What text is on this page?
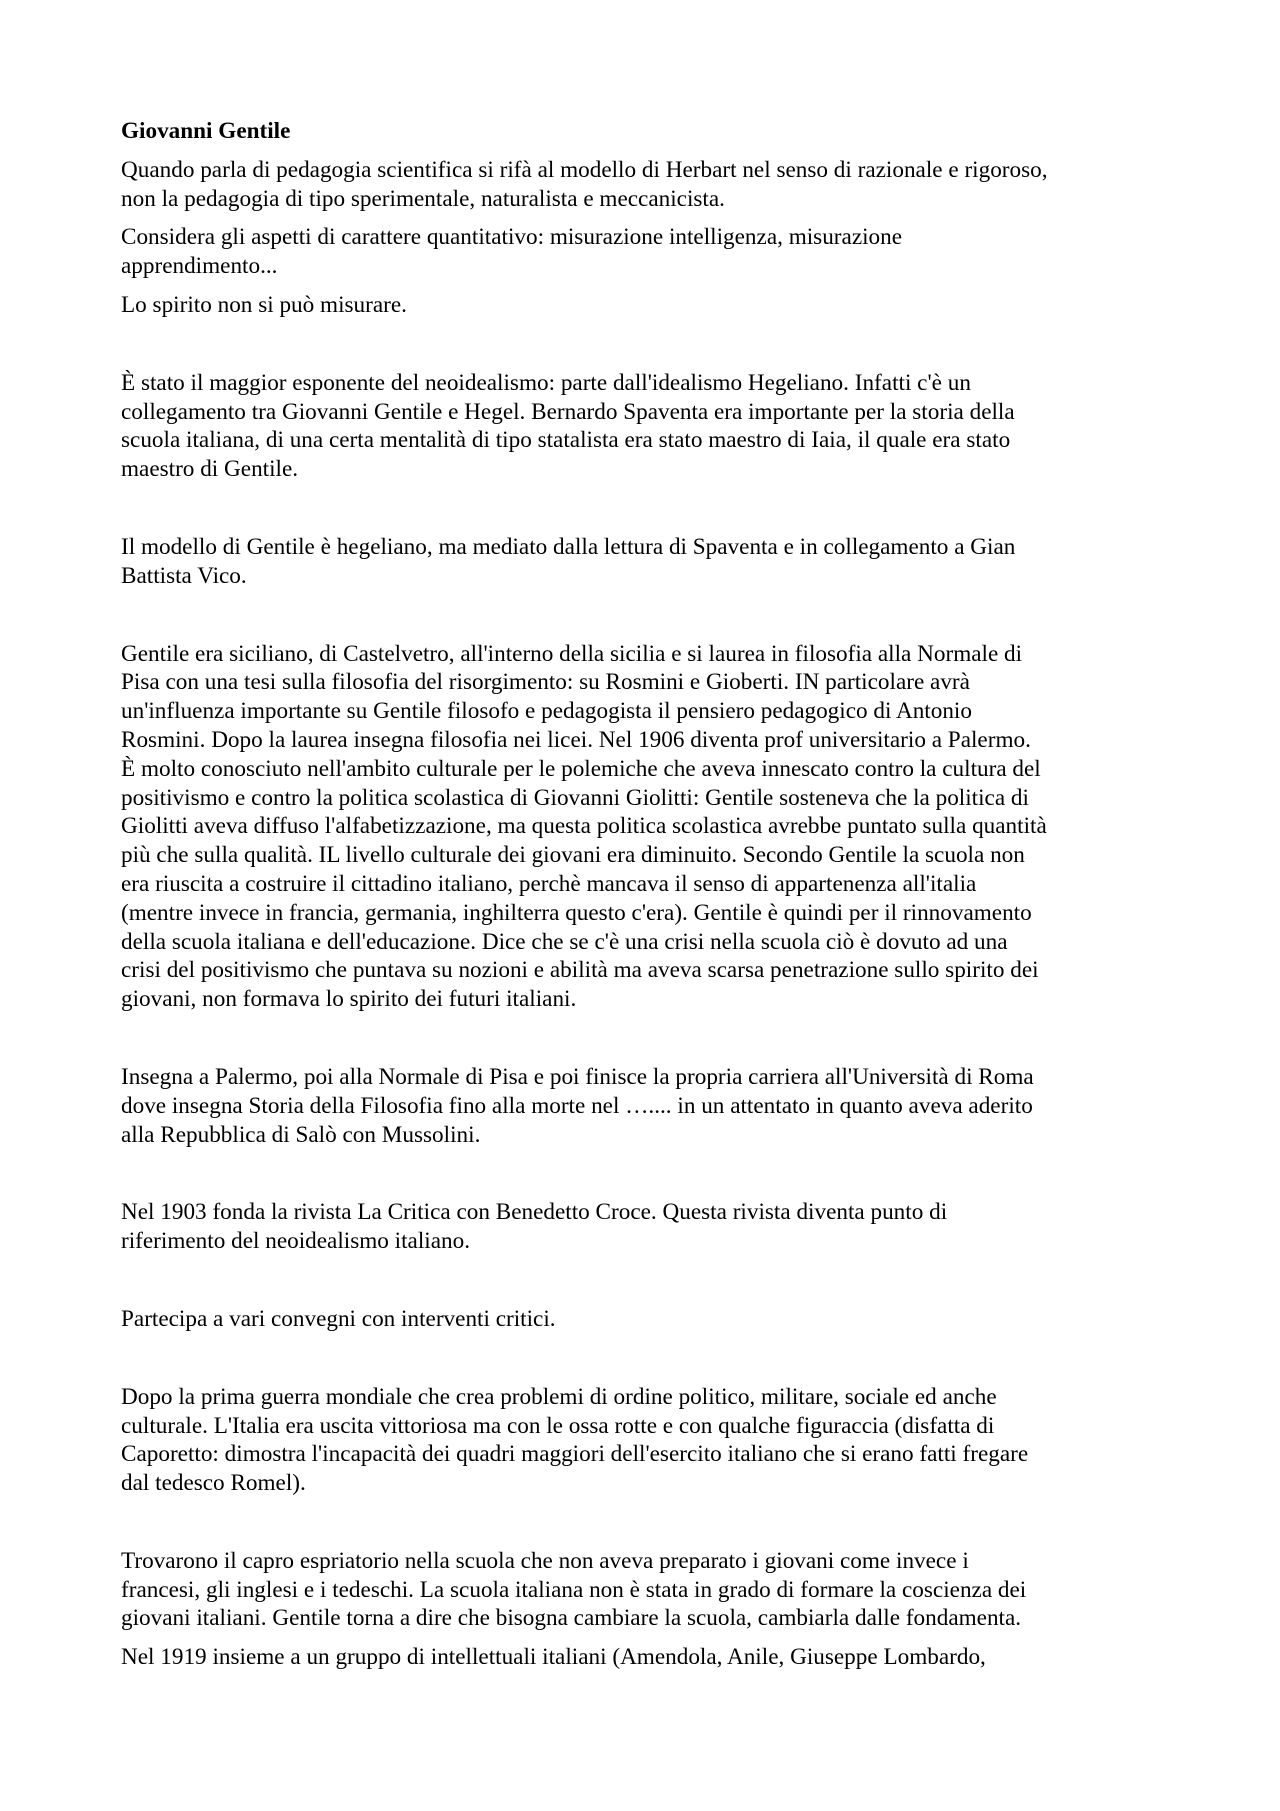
Giovanni Gentile

Quando parla di pedagogia scientifica si rifà al modello di Herbart nel senso di razionale e rigoroso,
non la pedagogia di tipo sperimentale, naturalista e meccanicista.

Considera gli aspetti di carattere quantitativo: misurazione intelligenza, misurazione
apprendimento...

Lo spirito non si può misurare.

È stato il maggior esponente del neoidealismo: parte dall'idealismo Hegeliano. Infatti c'è un
collegamento tra Giovanni Gentile e Hegel. Bernardo Spaventa era importante per la storia della
scuola italiana, di una certa mentalità di tipo statalista era stato maestro di Iaia, il quale era stato
maestro di Gentile.

Il modello di Gentile è hegeliano, ma mediato dalla lettura di Spaventa e in collegamento a Gian
Battista Vico.

Gentile era siciliano, di Castelvetro, all'interno della sicilia e si laurea in filosofia alla Normale di
Pisa con una tesi sulla filosofia del risorgimento: su Rosmini e Gioberti. IN particolare avrà
un'influenza importante su Gentile filosofo e pedagogista il pensiero pedagogico di Antonio
Rosmini. Dopo la laurea insegna filosofia nei licei. Nel 1906 diventa prof universitario a Palermo.
È molto conosciuto nell'ambito culturale per le polemiche che aveva innescato contro la cultura del
positivismo e contro la politica scolastica di Giovanni Giolitti: Gentile sosteneva che la politica di
Giolitti aveva diffuso l'alfabetizzazione, ma questa politica scolastica avrebbe puntato sulla quantità
più che sulla qualità. IL livello culturale dei giovani era diminuito. Secondo Gentile la scuola non
era riuscita a costruire il cittadino italiano, perchè mancava il senso di appartenenza all'italia
(mentre invece in francia, germania, inghilterra questo c'era). Gentile è quindi per il rinnovamento
della scuola italiana e dell'educazione. Dice che se c'è una crisi nella scuola ciò è dovuto ad una
crisi del positivismo che puntava su nozioni e abilità ma aveva scarsa penetrazione sullo spirito dei
giovani, non formava lo spirito dei futuri italiani.

Insegna a Palermo, poi alla Normale di Pisa e poi finisce la propria carriera all'Università di Roma
dove insegna Storia della Filosofia fino alla morte nel ….... in un attentato in quanto aveva aderito
alla Repubblica di Salò con Mussolini.

Nel 1903 fonda la rivista La Critica con Benedetto Croce. Questa rivista diventa punto di
riferimento del neoidealismo italiano.

Partecipa a vari convegni con interventi critici.

Dopo la prima guerra mondiale che crea problemi di ordine politico, militare, sociale ed anche
culturale. L'Italia era uscita vittoriosa ma con le ossa rotte e con qualche figuraccia (disfatta di
Caporetto: dimostra l'incapacità dei quadri maggiori dell'esercito italiano che si erano fatti fregare
dal tedesco Romel).

Trovarono il capro espriatorio nella scuola che non aveva preparato i giovani come invece i
francesi, gli inglesi e i tedeschi. La scuola italiana non è stata in grado di formare la coscienza dei
giovani italiani. Gentile torna a dire che bisogna cambiare la scuola, cambiarla dalle fondamenta.

Nel 1919 insieme a un gruppo di intellettuali italiani (Amendola, Anile, Giuseppe Lombardo,
